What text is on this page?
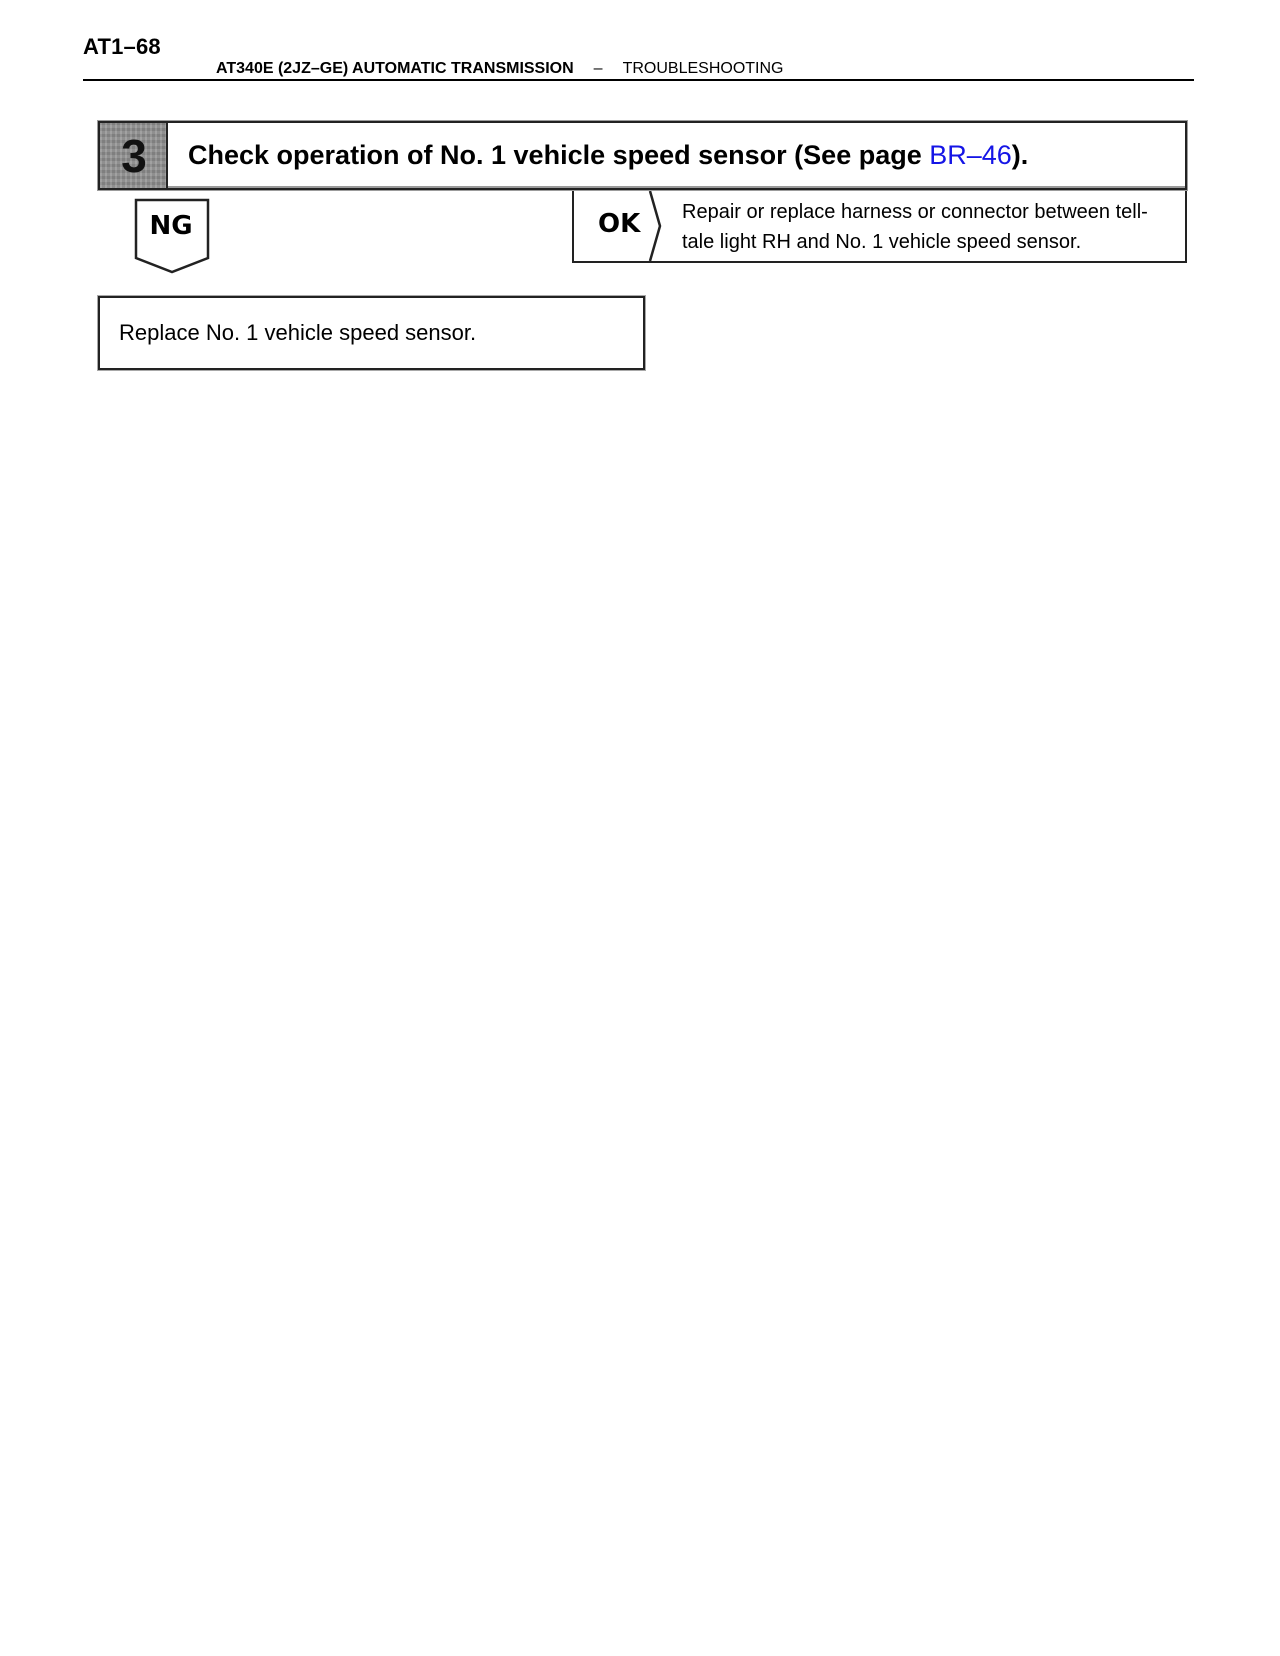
AT1–68
AT340E (2JZ–GE) AUTOMATIC TRANSMISSION – TROUBLESHOOTING
3	Check operation of No. 1 vehicle speed sensor (See page BR–46).
NG	OK Repair or replace harness or connector between tell-tale light RH and No. 1 vehicle speed sensor.
Replace No. 1 vehicle speed sensor.
